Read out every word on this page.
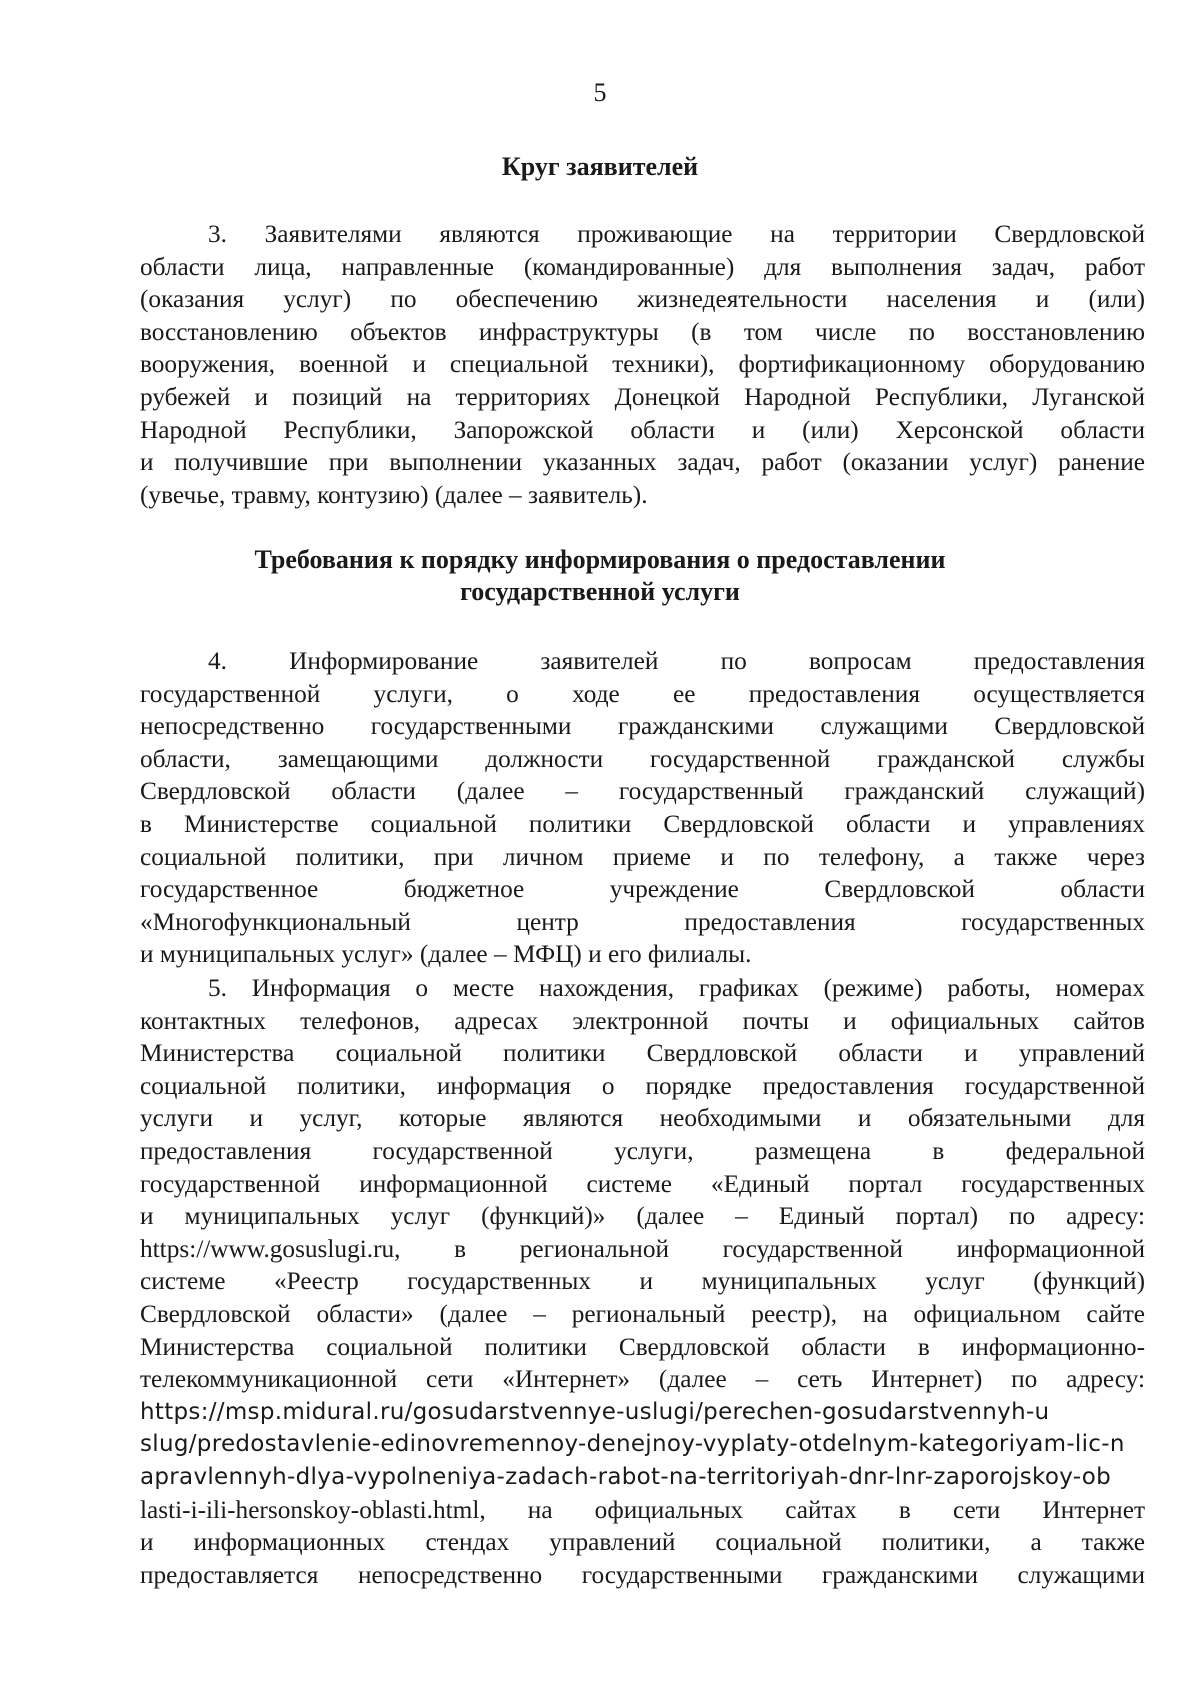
5
Круг заявителей
3. Заявителями являются проживающие на территории Свердловской
области лица, направленные (командированные) для выполнения задач, работ
(оказания услуг) по обеспечению жизнедеятельности населения и (или)
восстановлению объектов инфраструктуры (в том числе по восстановлению
вооружения, военной и специальной техники), фортификационному оборудованию
рубежей и позиций на территориях Донецкой Народной Республики, Луганской
Народной Республики, Запорожской области и (или) Херсонской области
и получившие при выполнении указанных задач, работ (оказании услуг) ранение
(увечье, травму, контузию) (далее – заявитель).
Требования к порядку информирования о предоставлении
государственной услуги
4. Информирование заявителей по вопросам предоставления
государственной услуги, о ходе ее предоставления осуществляется
непосредственно государственными гражданскими служащими Свердловской
области, замещающими должности государственной гражданской службы
Свердловской области (далее – государственный гражданский служащий)
в Министерстве социальной политики Свердловской области и управлениях
социальной политики, при личном приеме и по телефону, а также через
государственное бюджетное учреждение Свердловской области
«Многофункциональный центр предоставления государственных
и муниципальных услуг» (далее – МФЦ) и его филиалы.
5. Информация о месте нахождения, графиках (режиме) работы, номерах
контактных телефонов, адресах электронной почты и официальных сайтов
Министерства социальной политики Свердловской области и управлений
социальной политики, информация о порядке предоставления государственной
услуги и услуг, которые являются необходимыми и обязательными для
предоставления государственной услуги, размещена в федеральной
государственной информационной системе «Единый портал государственных
и муниципальных услуг (функций)» (далее – Единый портал) по адресу:
https://www.gosuslugi.ru, в региональной государственной информационной
системе «Реестр государственных и муниципальных услуг (функций)
Свердловской области» (далее – региональный реестр), на официальном сайте
Министерства социальной политики Свердловской области в информационно-
телекоммуникационной сети «Интернет» (далее – сеть Интернет) по адресу:
https://msp.midural.ru/gosudarstvennye-uslugi/perechen-gosudarstvennyh-u
slug/predostavlenie-edinovremennoy-denejnoy-vyplaty-otdelnym-kategoriyam-lic-n
apravlennyh-dlya-vypolneniya-zadach-rabot-na-territoriyah-dnr-lnr-zaporojskoy-ob
lasti-i-ili-hersonskoy-oblasti.html, на официальных сайтах в сети Интернет
и информационных стендах управлений социальной политики, а также
предоставляется непосредственно государственными гражданскими служащими
